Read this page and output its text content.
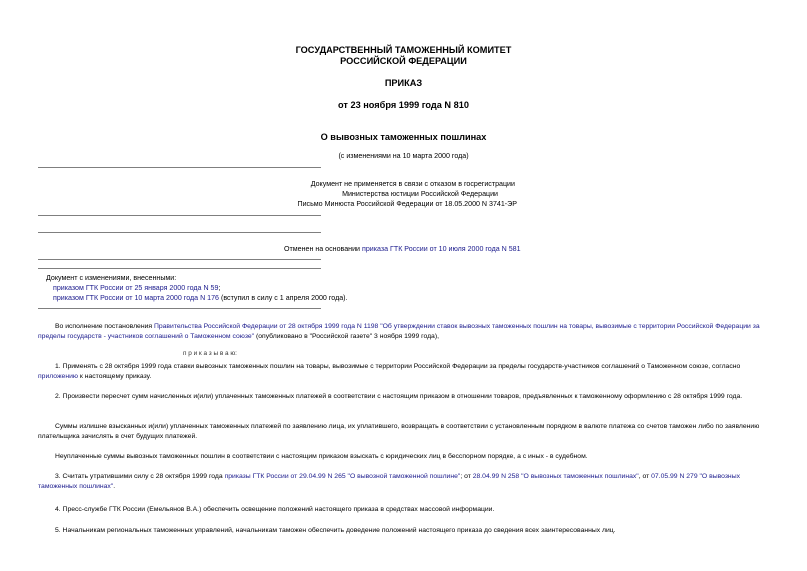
ГОСУДАРСТВЕННЫЙ ТАМОЖЕННЫЙ КОМИТЕТ
РОССИЙСКОЙ ФЕДЕРАЦИИ
ПРИКАЗ
от 23 ноября 1999 года N 810
О вывозных таможенных пошлинах
(с изменениями на 10 марта 2000 года)
Документ не применяется в связи с отказом в госрегистрации
Министерства юстиции Российской Федерации
Письмо Минюста Российской Федерации от 18.05.2000 N 3741-ЭР
Отменен на основании приказа ГТК России от 10 июля 2000 года N 581
Документ с изменениями, внесенными:
приказом ГТК России от 25 января 2000 года N 59;
приказом ГТК России от 10 марта 2000 года N 176 (вступил в силу с 1 апреля 2000 года).
Во исполнение постановления Правительства Российской Федерации от 28 октября 1999 года N 1198 "Об утверждении ставок вывозных таможенных пошлин на товары, вывозимые с территории Российской Федерации за пределы государств - участников соглашений о Таможенном союзе" (опубликовано в "Российской газете" 3 ноября 1999 года),
п р и к а з ы в а ю:
1. Применять с 28 октября 1999 года ставки вывозных таможенных пошлин на товары, вывозимые с территории Российской Федерации за пределы государств-участников соглашений о Таможенном союзе, согласно приложению к настоящему приказу.
2. Произвести пересчет сумм начисленных и(или) уплаченных таможенных платежей в соответствии с настоящим приказом в отношении товаров, предъявленных к таможенному оформлению с 28 октября 1999 года.
Суммы излишне взысканных и(или) уплаченных таможенных платежей по заявлению лица, их уплатившего, возвращать в соответствии с установленным порядком в валюте платежа со счетов таможен либо по заявлению плательщика зачислять в счет будущих платежей.
Неуплаченные суммы вывозных таможенных пошлин в соответствии с настоящим приказом взыскать с юридических лиц в бесспорном порядке, а с иных - в судебном.
3. Считать утратившими силу с 28 октября 1999 года приказы ГТК России от 29.04.99 N 265 "О вывозной таможенной пошлине"; от 28.04.99 N 258 "О вывозных таможенных пошлинах", от 07.05.99 N 279 "О вывозных таможенных пошлинах".
4. Пресс-службе ГТК России (Емельянов В.А.) обеспечить освещение положений настоящего приказа в средствах массовой информации.
5. Начальникам региональных таможенных управлений, начальникам таможен обеспечить доведение положений настоящего приказа до сведения всех заинтересованных лиц.
